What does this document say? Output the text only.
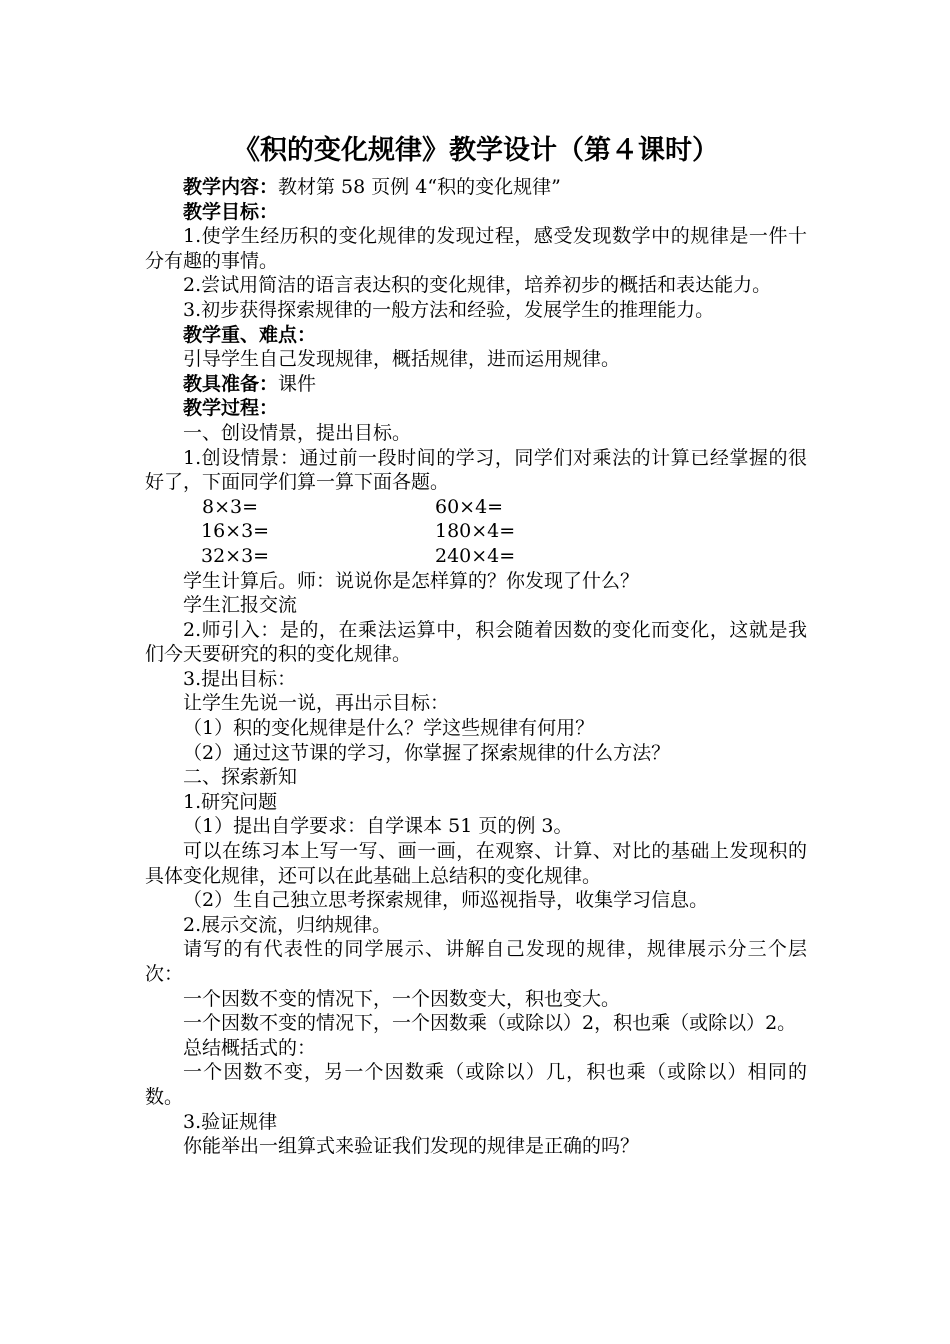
《积的变化规律》教学设计（第４课时）

教学内容：教材第 58 页例 4“积的变化规律”

教学目标：

1.使学生经历积的变化规律的发现过程，感受发现数学中的规律是一件十分有趣的事情。

2.尝试用简洁的语言表达积的变化规律，培养初步的概括和表达能力。

3.初步获得探索规律的一般方法和经验，发展学生的推理能力。

教学重、难点：

引导学生自己发现规律，概括规律，进而运用规律。

教具准备：课件

教学过程：

一、创设情景，提出目标。

1.创设情景：通过前一段时间的学习，同学们对乘法的计算已经掌握的很好了，下面同学们算一算下面各题。

8×3=	60×4=
16×3=	180×4=
32×3=	240×4=

学生计算后。师：说说你是怎样算的？你发现了什么？

学生汇报交流

2.师引入：是的，在乘法运算中，积会随着因数的变化而变化，这就是我们今天要研究的积的变化规律。

3.提出目标：

让学生先说一说，再出示目标：

（1）积的变化规律是什么？学这些规律有何用？

（2）通过这节课的学习，你掌握了探索规律的什么方法？

二、探索新知

1.研究问题

（1）提出自学要求：自学课本 51 页的例 3。

可以在练习本上写一写、画一画，在观察、计算、对比的基础上发现积的具体变化规律，还可以在此基础上总结积的变化规律。

（2）生自己独立思考探索规律，师巡视指导，收集学习信息。

2.展示交流，归纳规律。

请写的有代表性的同学展示、讲解自己发现的规律，规律展示分三个层次：

一个因数不变的情况下，一个因数变大，积也变大。

一个因数不变的情况下，一个因数乘（或除以）2，积也乘（或除以）2。

总结概括式的：

一个因数不变，另一个因数乘（或除以）几，积也乘（或除以）相同的数。

3.验证规律

你能举出一组算式来验证我们发现的规律是正确的吗？
